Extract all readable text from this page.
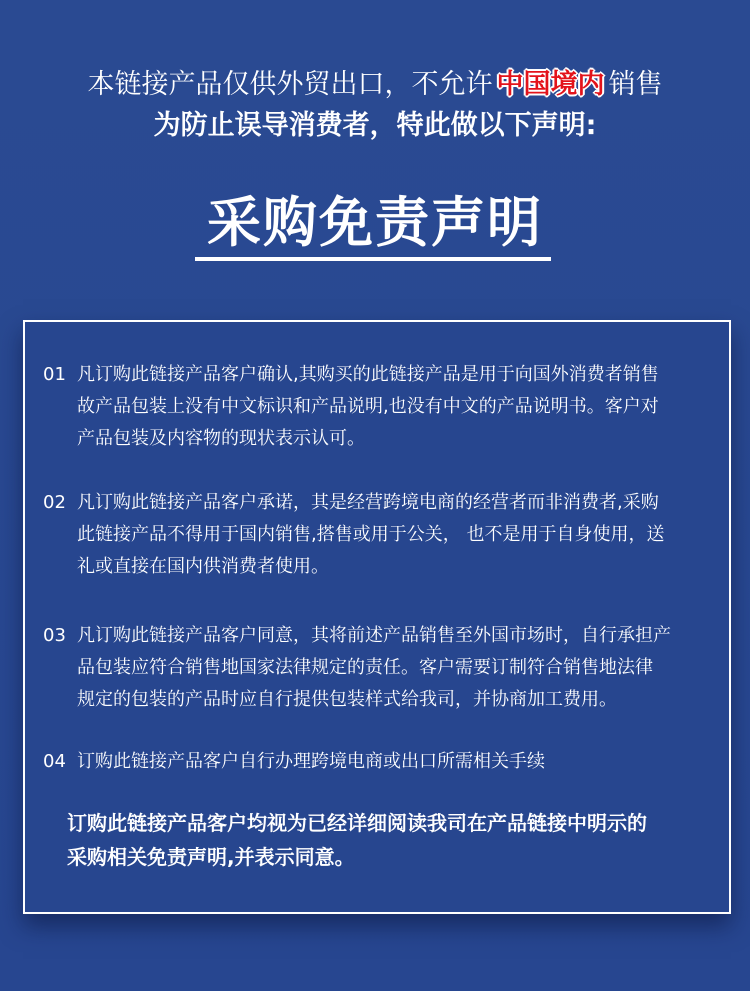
本链接产品仅供外贸出口，不允许 中国境内 销售
为防止误导消费者，特此做以下声明:
采购免责声明
01 凡订购此链接产品客户确认,其购买的此链接产品是用于向国外消费者销售
故产品包装上没有中文标识和产品说明,也没有中文的产品说明书。客户对
产品包装及内容物的现状表示认可。
02 凡订购此链接产品客户承诺，其是经营跨境电商的经营者而非消费者,采购
此链接产品不得用于国内销售,搭售或用于公关， 也不是用于自身使用，送
礼或直接在国内供消费者使用。
03 凡订购此链接产品客户同意，其将前述产品销售至外国市场时，自行承担产
品包装应符合销售地国家法律规定的责任。客户需要订制符合销售地法律
规定的包装的产品时应自行提供包装样式给我司，并协商加工费用。
04 订购此链接产品客户自行办理跨境电商或出口所需相关手续
订购此链接产品客户均视为已经详细阅读我司在产品链接中明示的
采购相关免责声明,并表示同意。
